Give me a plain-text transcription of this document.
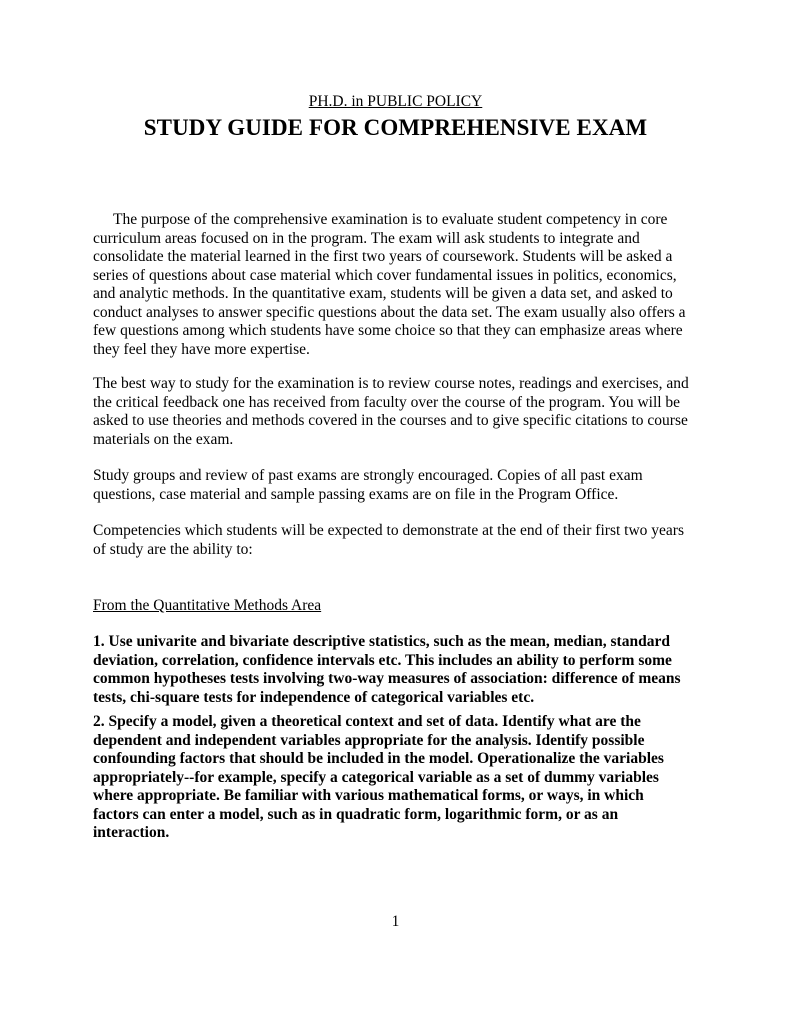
PH.D. in PUBLIC POLICY
STUDY GUIDE FOR COMPREHENSIVE EXAM
The purpose of the comprehensive examination is to evaluate student competency in core
curriculum areas focused on in the program. The exam will ask students to integrate and
consolidate the material learned in the first two years of coursework. Students will be asked a
series of questions about case material which cover fundamental issues in politics, economics,
and analytic methods. In the quantitative exam, students will be given a data set, and asked to
conduct analyses to answer specific questions about the data set. The exam usually also offers a
few questions among which students have some choice so that they can emphasize areas where
they feel they have more expertise.
The best way to study for the examination is to review course notes, readings and exercises, and
the critical feedback one has received from faculty over the course of the program. You will be
asked to use theories and methods covered in the courses and to give specific citations to course
materials on the exam.
Study groups and review of past exams are strongly encouraged. Copies of all past exam
questions, case material and sample passing exams are on file in the Program Office.
Competencies which students will be expected to demonstrate at the end of their first two years
of study are the ability to:
From the Quantitative Methods Area
1. Use univarite and bivariate descriptive statistics, such as the mean, median, standard
deviation, correlation, confidence intervals etc. This includes an ability to perform some
common hypotheses tests involving two-way measures of association: difference of means
tests, chi-square tests for independence of categorical variables etc.
2. Specify a model, given a theoretical context and set of data. Identify what are the
dependent and independent variables appropriate for the analysis. Identify possible
confounding factors that should be included in the model. Operationalize the variables
appropriately--for example, specify a categorical variable as a set of dummy variables
where appropriate. Be familiar with various mathematical forms, or ways, in which
factors can enter a model, such as in quadratic form, logarithmic form, or as an
interaction.
1
